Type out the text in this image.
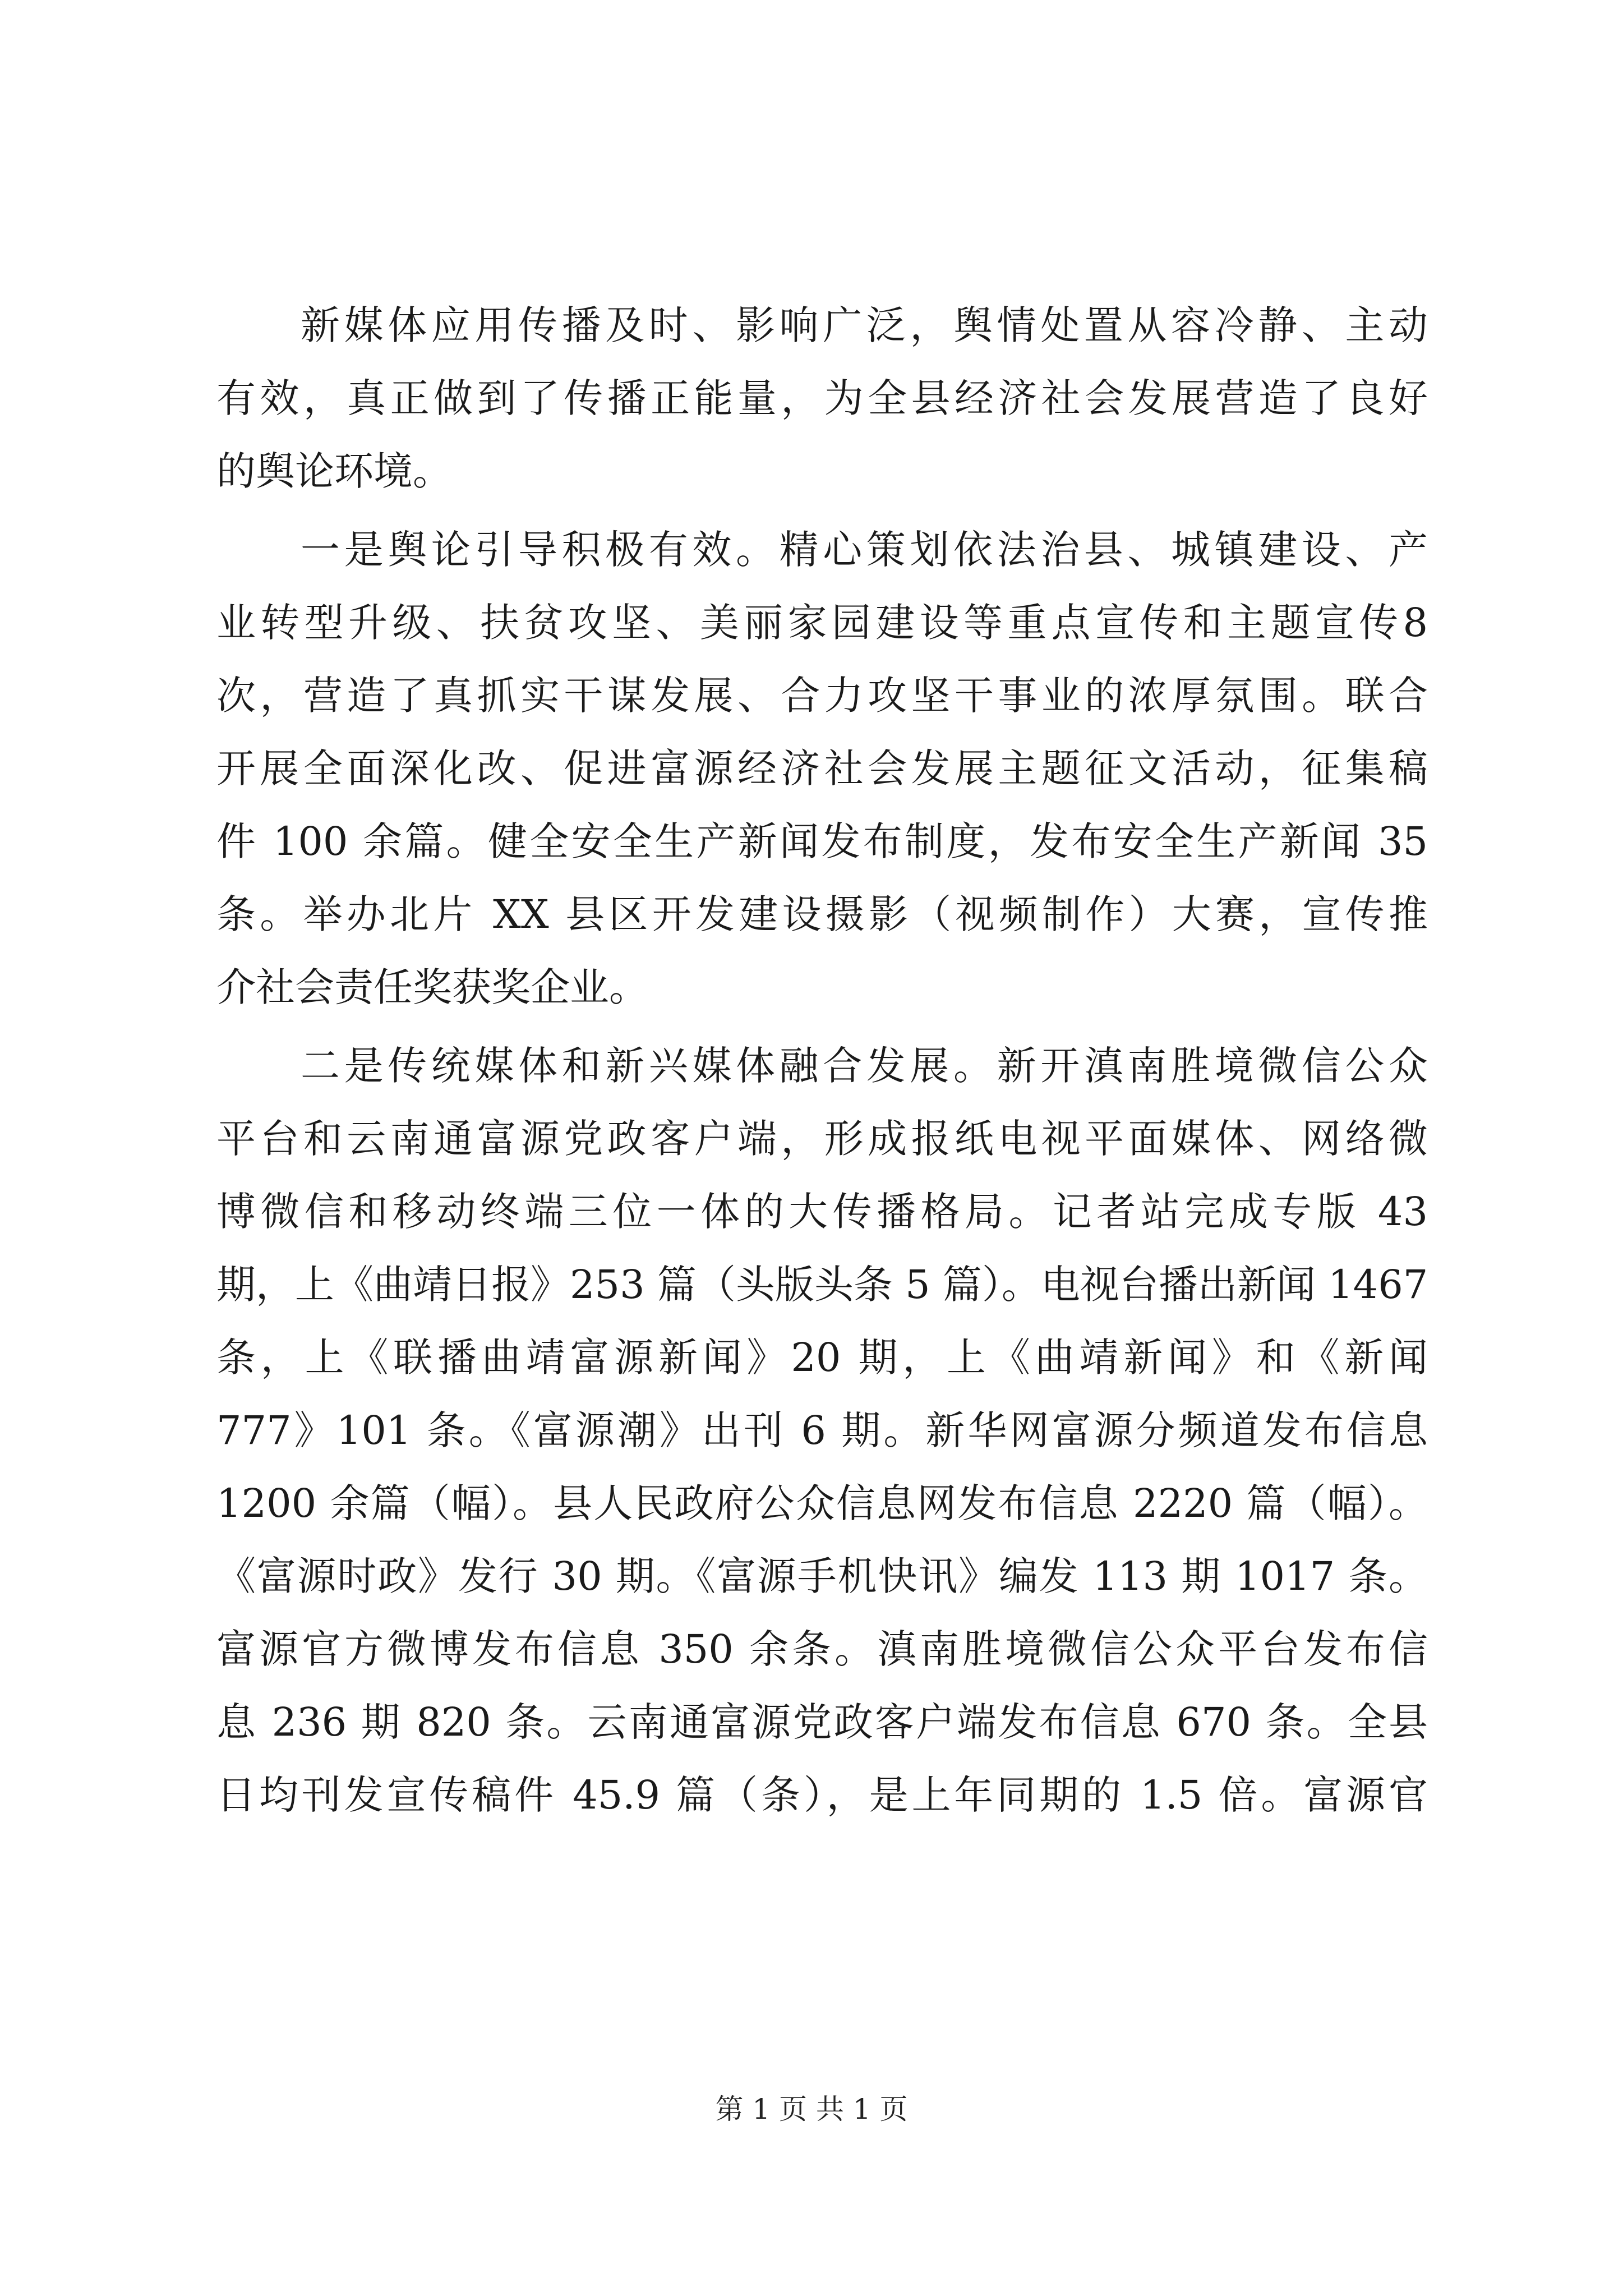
新媒体应用传播及时、影响广泛，舆情处置从容冷静、主动
有效，真正做到了传播正能量，为全县经济社会发展营造了良好
的舆论环境。
一是舆论引导积极有效。精心策划依法治县、城镇建设、产
业转型升级、扶贫攻坚、美丽家园建设等重点宣传和主题宣传8
次，营造了真抓实干谋发展、合力攻坚干事业的浓厚氛围。联合
开展全面深化改、促进富源经济社会发展主题征文活动，征集稿
件 100 余篇。健全安全生产新闻发布制度，发布安全生产新闻 35
条。举办北片 XX 县区开发建设摄影（视频制作）大赛，宣传推
介社会责任奖获奖企业。
二是传统媒体和新兴媒体融合发展。新开滇南胜境微信公众
平台和云南通富源党政客户端，形成报纸电视平面媒体、网络微
博微信和移动终端三位一体的大传播格局。记者站完成专版 43
期，上《曲靖日报》253 篇（头版头条 5 篇）。电视台播出新闻 1467
条，上《联播曲靖富源新闻》20 期，上《曲靖新闻》和《新闻
777》101 条。《富源潮》出刊 6 期。新华网富源分频道发布信息
1200 余篇（幅）。县人民政府公众信息网发布信息 2220 篇（幅）。
《富源时政》发行 30 期。《富源手机快讯》编发 113 期 1017 条。
富源官方微博发布信息 350 余条。滇南胜境微信公众平台发布信
息 236 期 820 条。云南通富源党政客户端发布信息 670 条。全县
日均刊发宣传稿件 45.9 篇（条），是上年同期的 1.5 倍。富源官
第 1 页 共 1 页
